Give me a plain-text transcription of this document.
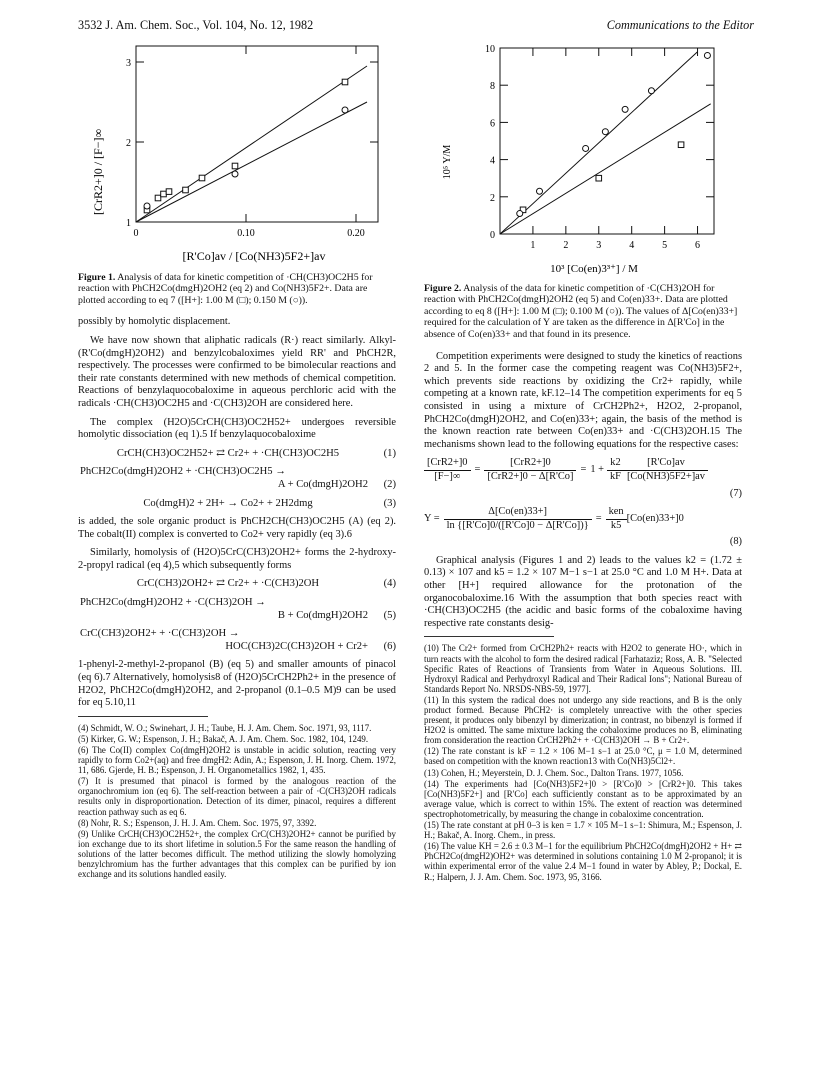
3532 J. Am. Chem. Soc., Vol. 104, No. 12, 1982	Communications to the Editor
1
2
3
0	0.10	0.20
[R'Co]av / [Co(NH3)5F2+]av
[CrR2+]0 / [F−]∞
Figure 1. Analysis of data for kinetic competition of ·CH(CH3)OC2H5 for reaction with PhCH2Co(dmgH)2OH2 (eq 2) and Co(NH3)5F2+. Data are plotted according to eq 7 ([H+]: 1.00 M (□); 0.150 M (○)).

possibly by homolytic displacement.

We have now shown that aliphatic radicals (R·) react similarly. Alkyl- (R'Co(dmgH)2OH2) and benzylcobaloximes yield RR' and PhCH2R, respectively. The processes were confirmed to be bimolecular reactions and their rate constants determined with new methods of chemical competition. Reactions of benzylaquocobaloxime in aqueous perchloric acid with the radicals ·CH(CH3)OC2H5 and ·C(CH3)2OH are considered here.

The complex (H2O)5CrCH(CH3)OC2H52+ undergoes reversible homolytic dissociation (eq 1).5 If benzylaquocobaloxime

CrCH(CH3)OC2H52+ ⇄ Cr2+ + ·CH(CH3)OC2H5	(1)
PhCH2Co(dmgH)2OH2 + ·CH(CH3)OC2H5 →
A + Co(dmgH)2OH2	(2)
Co(dmgH)2 + 2H+ → Co2+ + 2H2dmg	(3)

is added, the sole organic product is PhCH2CH(CH3)OC2H5 (A) (eq 2). The cobalt(II) complex is converted to Co2+ very rapidly (eq 3).6

Similarly, homolysis of (H2O)5CrC(CH3)2OH2+ forms the 2-hydroxy-2-propyl radical (eq 4),5 which subsequently forms

CrC(CH3)2OH2+ ⇄ Cr2+ + ·C(CH3)2OH	(4)
PhCH2Co(dmgH)2OH2 + ·C(CH3)2OH →
B + Co(dmgH)2OH2	(5)
CrC(CH3)2OH2+ + ·C(CH3)2OH →
HOC(CH3)2C(CH3)2OH + Cr2+	(6)

1-phenyl-2-methyl-2-propanol (B) (eq 5) and smaller amounts of pinacol (eq 6).7 Alternatively, homolysis8 of (H2O)5CrCH2Ph2+ in the presence of H2O2, PhCH2Co(dmgH)2OH2, and 2-propanol (0.1–0.5 M)9 can be used for eq 5.10,11

(4) Schmidt, W. O.; Swinehart, J. H.; Taube, H. J. Am. Chem. Soc. 1971, 93, 1117.

(5) Kirker, G. W.; Espenson, J. H.; Bakač, A. J. Am. Chem. Soc. 1982, 104, 1249.

(6) The Co(II) complex Co(dmgH)2OH2 is unstable in acidic solution, reacting very rapidly to form Co2+(aq) and free dmgH2: Adin, A.; Espenson, J. H. Inorg. Chem. 1972, 11, 686. Gjerde, H. B.; Espenson, J. H. Organometallics 1982, 1, 435.

(7) It is presumed that pinacol is formed by the analogous reaction of the organochromium ion (eq 6). The self-reaction between a pair of ·C(CH3)2OH radicals results only in disproportionation. Detection of its dimer, pinacol, requires a different reaction pathway such as eq 6.

(8) Nohr, R. S.; Espenson, J. H. J. Am. Chem. Soc. 1975, 97, 3392.

(9) Unlike CrCH(CH3)OC2H52+, the complex CrC(CH3)2OH2+ cannot be purified by ion exchange due to its short lifetime in solution.5 For the same reason the handling of solutions of the latter becomes difficult. The method utilizing the slowly homolyzing benzylchromium has the further advantages that this complex can be purified by ion exchange and its solutions handled easily.

0
2
4
6
8
10
1	2	3	4	5	6
10³ [Co(en)3³⁺] / M
10⁵ Y/M
Figure 2. Analysis of the data for kinetic competition of ·C(CH3)2OH for reaction with PhCH2Co(dmgH)2OH2 (eq 5) and Co(en)33+. Data are plotted according to eq 8 ([H+]: 1.00 M (□); 0.100 M (○)). The values of Δ[Co(en)33+] required for the calculation of Y are taken as the difference in Δ[R'Co] in the absence of Co(en)33+ and that found in its presence.

Competition experiments were designed to study the kinetics of reactions 2 and 5. In the former case the competing reagent was Co(NH3)5F2+, which prevents side reactions by oxidizing the Cr2+ rapidly, while competing at a known rate, kF.12–14 The competition experiments for eq 5 consisted in using a mixture of CrCH2Ph2+, H2O2, 2-propanol, PhCH2Co(dmgH)2OH2, and Co(en)33+; again, the basis of the method is the known reaction rate between Co(en)33+ and ·C(CH3)2OH.15 The mechanisms shown lead to the following equations for the respective cases:

$\frac{\text{[CrR2+]0}}{[F-]\infty} = \frac{\text{[CrR2+]0}}{\text{[CrR2+]0 − Δ[R'Co]}} = 1 + \frac{k2}{kF} \frac{[R'Co]av}{[Co(NH3)5F2+]av}$
(7)
$Y = \frac{\Delta[Co(en)33+]}{\ln \{[R'Co]0/([R'Co]0 - \Delta[R'Co])\}} = \frac{\text{ken}}{k5} [Co(en)33+]0$
(8)

Graphical analysis (Figures 1 and 2) leads to the values k2 = (1.72 ± 0.13) × 107 and k5 = 1.2 × 107 M−1 s−1 at 25.0 °C and 1.0 M H+. Data at other [H+] required allowance for the protonation of the organocobaloxime.16 With the assumption that both species react with ·CH(CH3)OC2H5 (the acidic and basic forms of the cobaloxime having respective rate constants desig-

(10) The Cr2+ formed from CrCH2Ph2+ reacts with H2O2 to generate HO·, which in turn reacts with the alcohol to form the desired radical [Farhataziz; Ross, A. B. "Selected Specific Rates of Reactions of Transients from Water in Aqueous Solutions. III. Hydroxyl Radical and Perhydroxyl Radical and Their Radical Ions"; National Bureau of Standards Report No. NRSDS-NBS-59, 1977].

(11) In this system the radical does not undergo any side reactions, and B is the only product formed. Because PhCH2· is completely unreactive with the other species present, it produces only bibenzyl by dimerization; in contrast, no bibenzyl is formed if H2O2 is omitted. The same mixture lacking the cobaloxime produces no B, eliminating from consideration the reaction CrCH2Ph2+ + ·C(CH3)2OH → B + Cr2+.

(12) The rate constant is kF = 1.2 × 106 M−1 s−1 at 25.0 °C, μ = 1.0 M, determined based on competition with the known reaction13 with Co(NH3)5Cl2+.

(13) Cohen, H.; Meyerstein, D. J. Chem. Soc., Dalton Trans. 1977, 1056.

(14) The experiments had [Co(NH3)5F2+]0 > [R'Co]0 > [CrR2+]0. This takes [Co(NH3)5F2+] and [R'Co] each sufficiently constant as to be approximated by an average value, which is correct to within 15%. The extent of reaction was determined spectrophotometrically, by measuring the change in cobaloxime concentration.

(15) The rate constant at pH 0–3 is ken = 1.7 × 105 M−1 s−1: Shimura, M.; Espenson, J. H.; Bakač, A. Inorg. Chem., in press.

(16) The value KH = 2.6 ± 0.3 M−1 for the equilibrium PhCH2Co(dmgH)2OH2 + H+ ⇄ PhCH2Co(dmgH2)OH2+ was determined in solutions containing 1.0 M 2-propanol; it is within experimental error of the value 2.4 M−1 found in water by Abley, P.; Dockal, E. R.; Halpern, J. J. Am. Chem. Soc. 1973, 95, 3166.
